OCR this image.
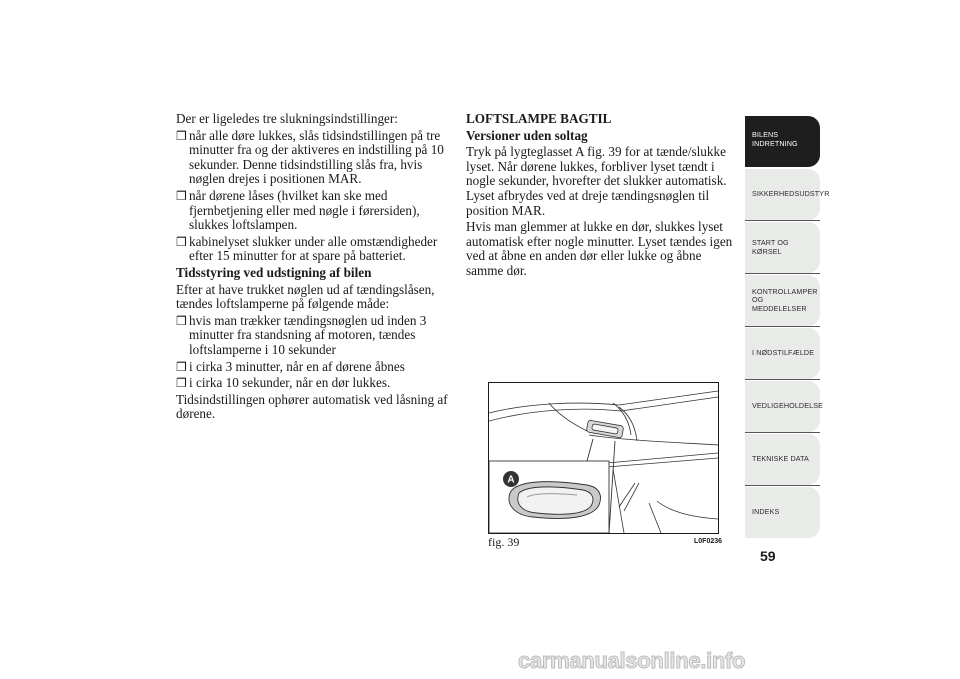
Der er ligeledes tre slukningsindstillinger:

❒ når alle døre lukkes, slås tidsindstillingen på tre minutter fra og der aktiveres en indstilling på 10 sekunder. Denne tidsindstilling slås fra, hvis nøglen drejes i positionen MAR.
❒ når dørene låses (hvilket kan ske med fjernbetjening eller med nøgle i førersiden), slukkes loftslampen.
❒ kabinelyset slukker under alle omstændigheder efter 15 minutter for at spare på batteriet.

Tidsstyring ved udstigning af bilen

Efter at have trukket nøglen ud af tændingslåsen, tændes loftslamperne på følgende måde:

❒ hvis man trækker tændingsnøglen ud inden 3 minutter fra standsning af motoren, tændes loftslamperne i 10 sekunder
❒ i cirka 3 minutter, når en af dørene åbnes
❒ i cirka 10 sekunder, når en dør lukkes.

Tidsindstillingen ophører automatisk ved låsning af dørene.

LOFTSLAMPE BAGTIL

Versioner uden soltag

Tryk på lygteglasset A fig. 39 for at tænde/slukke lyset. Når dørene lukkes, forbliver lyset tændt i nogle sekunder, hvorefter det slukker automatisk. Lyset afbrydes ved at dreje tændingsnøglen til position MAR.

Hvis man glemmer at lukke en dør, slukkes lyset automatisk efter nogle minutter. Lyset tændes igen ved at åbne en anden dør eller lukke og åbne samme dør.

A
fig. 39	L0F0236
BILENS INDRETNING
SIKKERHEDSUDSTYR
START OG KØRSEL
KONTROLLAMPER OG MEDDELELSER
I NØDSTILFÆLDE
VEDLIGEHOLDELSE
TEKNISKE DATA
INDEKS
59
carmanualsonline.info
